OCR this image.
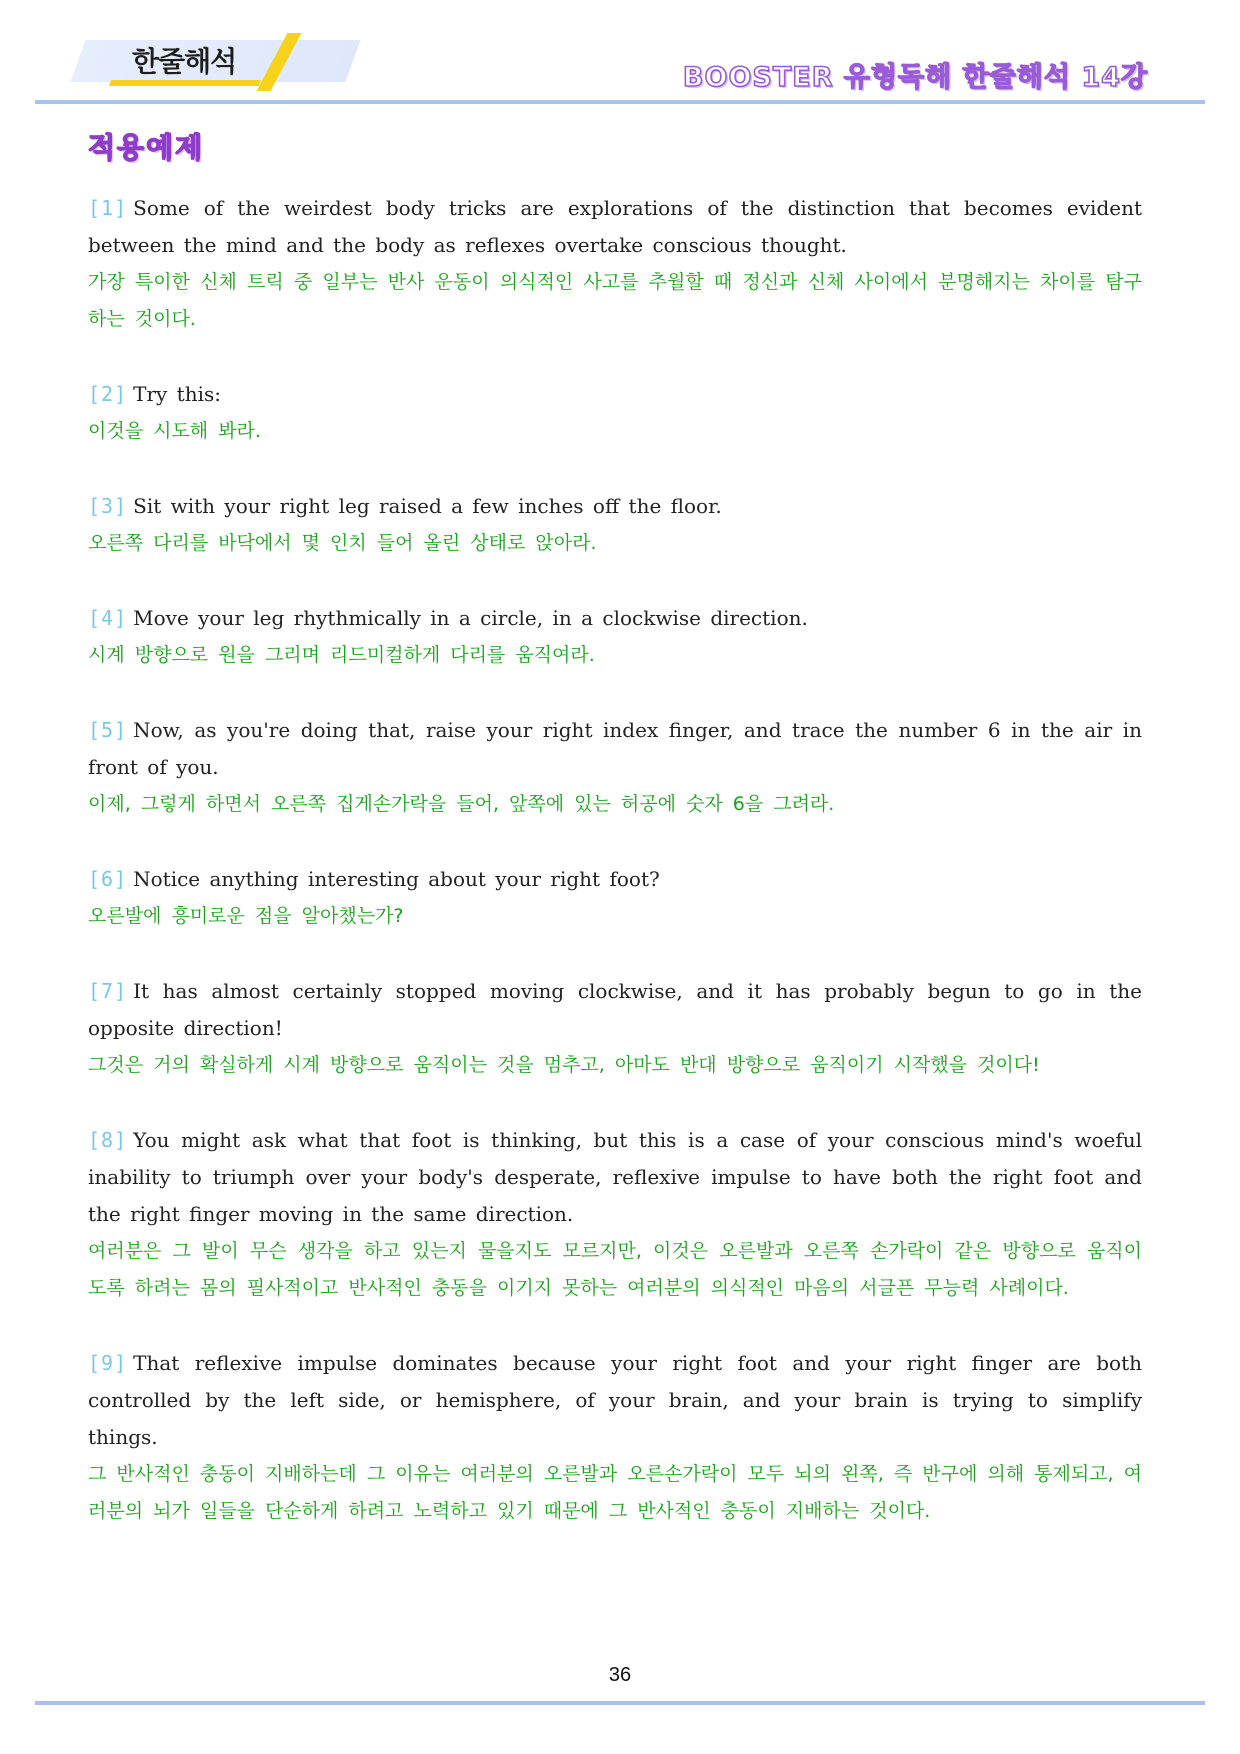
한줄해석	BOOSTER 유형독해 한줄해석 14강
적용예제

[1] Some of the weirdest body tricks are explorations of the distinction that becomes evident between the mind and the body as reflexes overtake conscious thought.

가장 특이한 신체 트릭 중 일부는 반사 운동이 의식적인 사고를 추월할 때 정신과 신체 사이에서 분명해지는 차이를 탐구하는 것이다.

[2] Try this:

이것을 시도해 봐라.

[3] Sit with your right leg raised a few inches off the floor.

오른쪽 다리를 바닥에서 몇 인치 들어 올린 상태로 앉아라.

[4] Move your leg rhythmically in a circle, in a clockwise direction.

시계 방향으로 원을 그리며 리드미컬하게 다리를 움직여라.

[5] Now, as you're doing that, raise your right index finger, and trace the number 6 in the air in front of you.

이제, 그렇게 하면서 오른쪽 집게손가락을 들어, 앞쪽에 있는 허공에 숫자 6을 그려라.

[6] Notice anything interesting about your right foot?

오른발에 흥미로운 점을 알아챘는가?

[7] It has almost certainly stopped moving clockwise, and it has probably begun to go in the opposite direction!

그것은 거의 확실하게 시계 방향으로 움직이는 것을 멈추고, 아마도 반대 방향으로 움직이기 시작했을 것이다!

[8] You might ask what that foot is thinking, but this is a case of your conscious mind's woeful inability to triumph over your body's desperate, reflexive impulse to have both the right foot and the right finger moving in the same direction.

여러분은 그 발이 무슨 생각을 하고 있는지 물을지도 모르지만, 이것은 오른발과 오른쪽 손가락이 같은 방향으로 움직이도록 하려는 몸의 필사적이고 반사적인 충동을 이기지 못하는 여러분의 의식적인 마음의 서글픈 무능력 사례이다.

[9] That reflexive impulse dominates because your right foot and your right finger are both controlled by the left side, or hemisphere, of your brain, and your brain is trying to simplify things.

그 반사적인 충동이 지배하는데 그 이유는 여러분의 오른발과 오른손가락이 모두 뇌의 왼쪽, 즉 반구에 의해 통제되고, 여러분의 뇌가 일들을 단순하게 하려고 노력하고 있기 때문에 그 반사적인 충동이 지배하는 것이다.

36
